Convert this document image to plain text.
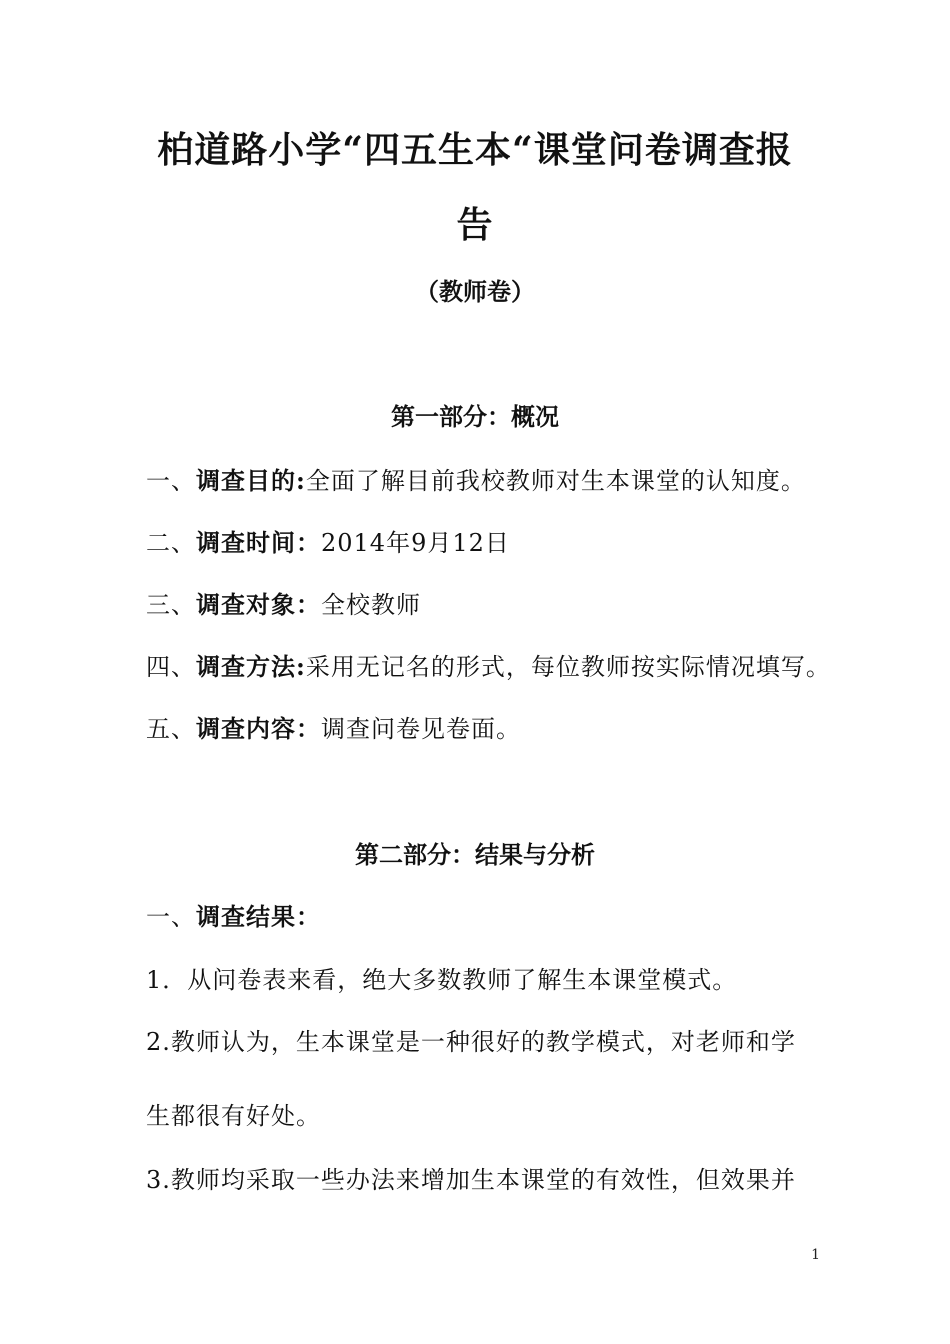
柏道路小学“四五生本“课堂问卷调查报
告
（教师卷）
第一部分：概况
一、调查目的:全面了解目前我校教师对生本课堂的认知度。
二、调查时间：2014年9月12日
三、调查对象：全校教师
四、调查方法:采用无记名的形式，每位教师按实际情况填写。
五、调查内容：调查问卷见卷面。
第二部分：结果与分析
一、调查结果：
1．从问卷表来看，绝大多数教师了解生本课堂模式。
2.教师认为，生本课堂是一种很好的教学模式，对老师和学
生都很有好处。
3.教师均采取一些办法来增加生本课堂的有效性，但效果并
1
